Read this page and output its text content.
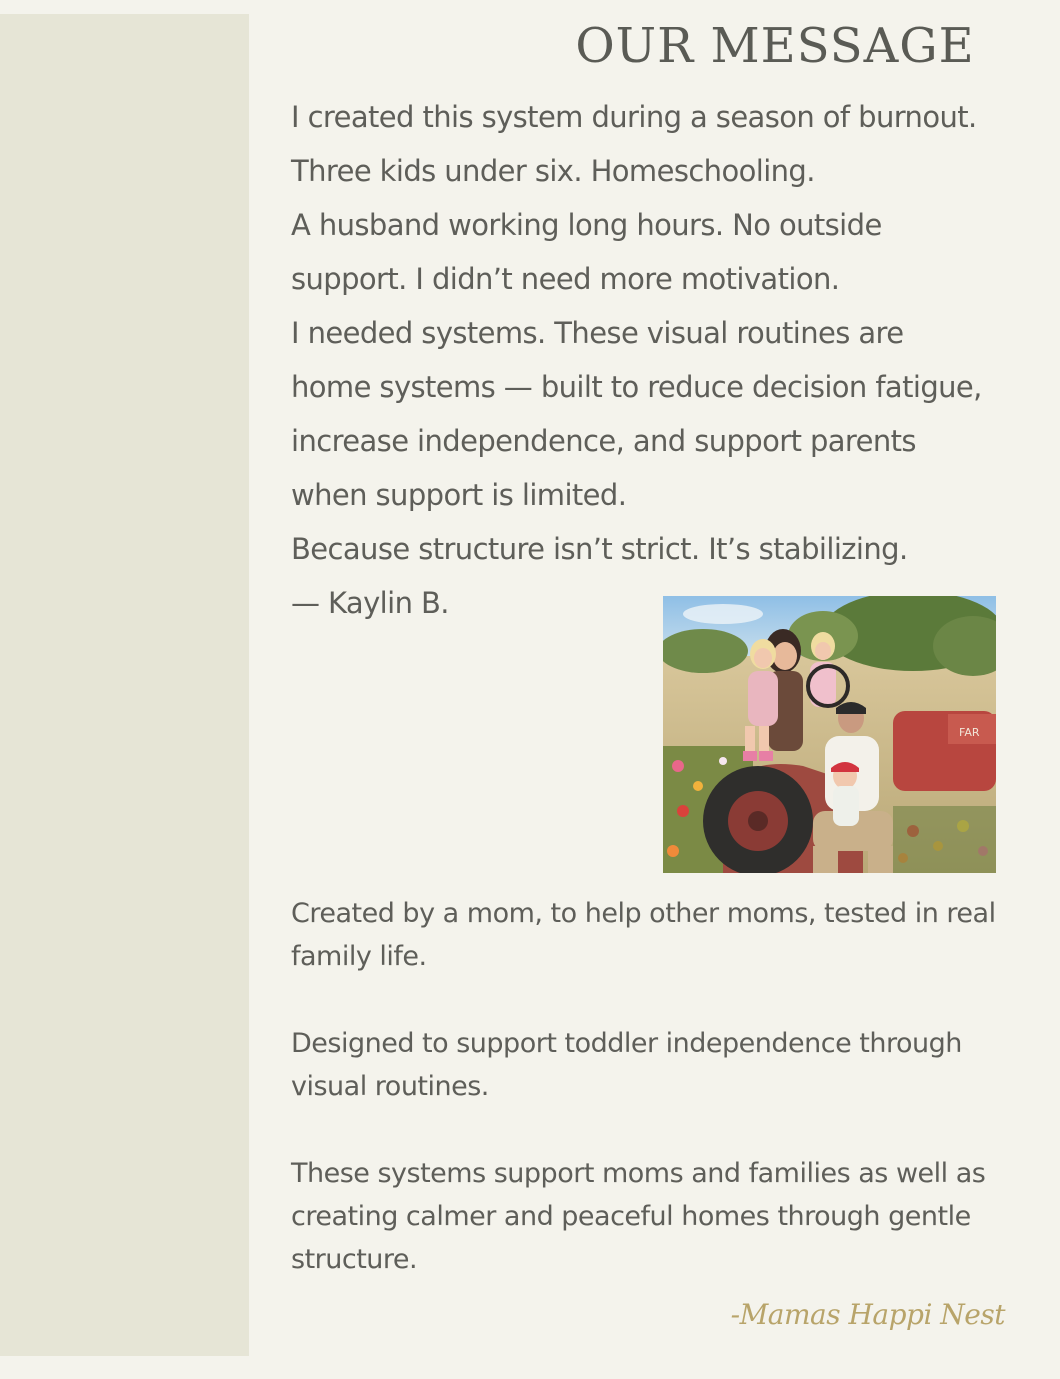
OUR MESSAGE
I created this system during a season of burnout.
Three kids under six. Homeschooling.
A husband working long hours. No outside
support. I didn’t need more motivation.
I needed systems. These visual routines are
home systems — built to reduce decision fatigue,
increase independence, and support parents
when support is limited.
Because structure isn’t strict. It’s stabilizing.
— Kaylin B.
FAR

Created by a mom, to help other moms, tested in real family life.

Designed to support toddler independence through visual routines.

These systems support moms and families as well as creating calmer and peaceful homes through gentle structure.

-Mamas Happi Nest
